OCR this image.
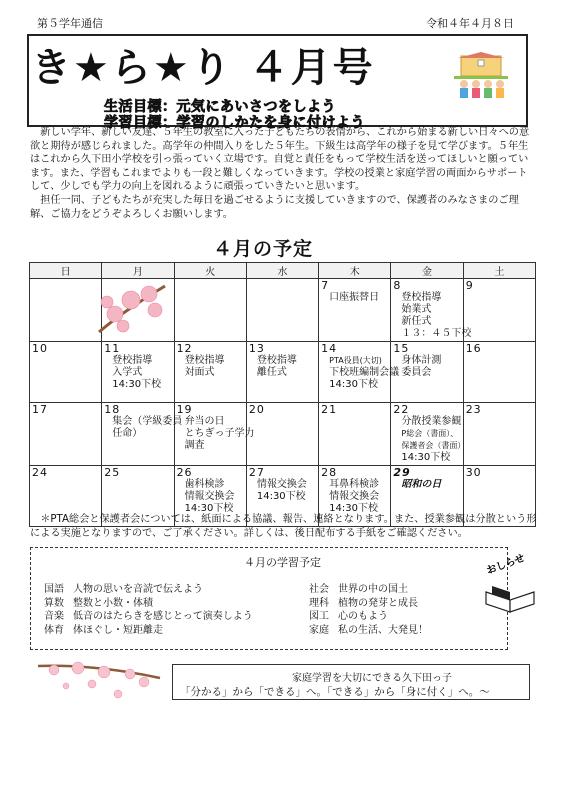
第５学年通信	令和４年４月８日
き★ら★り ４月号
生活目標：元気にあいさつをしよう
学習目標：学習のしかたを身に付けよう

新しい学年、新しい友達、５年生の教室に入った子どもたちの表情から、これから始まる新しい日々への意欲と期待が感じられました。高学年の仲間入りをした５年生。下級生は高学年の様子を見て学びます。５年生はこれから久下田小学校を引っ張っていく立場です。自覚と責任をもって学校生活を送ってほしいと願っています。また、学習もこれまでよりも一段と難しくなっていきます。学校の授業と家庭学習の両面からサポートして、少しでも学力の向上を図れるように頑張っていきたいと思います。

担任一同、子どもたちが充実した毎日を過ごせるように支援していきますので、保護者のみなさまのご理解、ご協力をどうぞよろしくお願いします。

４月の予定
日	月	火	水	木	金	土

				7
口座振替日	8
登校指導
始業式
新任式
１３：４５下校	9

10	11
登校指導
入学式
14:30下校	12
登校指導
対面式	13
登校指導
離任式	14
PTA役員(大切)
下校班編制会議
14:30下校	15
身体計測
委員会	16

17	18
集会（学級委員
任命）	19
弁当の日
とちぎっ子学力
調査	20	21	22
分散授業参観
P総会（書面）、
保護者会（書面）
14:30下校	23

24	25	26
歯科検診
情報交換会
14:30下校	27
情報交換会
14:30下校	28
耳鼻科検診
情報交換会
14:30下校	29
昭和の日	30
＊PTA総会と保護者会については、紙面による協議、報告、連絡となります。また、授業参観は分散という形による実施となりますので、ご了承ください。詳しくは、後日配布する手紙をご確認ください。
４月の学習予定
国語 人物の思いを音読で伝えよう
算数 整数と小数・体積
音楽 低音のはたらきを感じとって演奏しよう
体育 体ほぐし・短距離走
社会 世界の中の国土
理科 植物の発芽と成長
図工 心のもよう
家庭 私の生活、大発見！
おしらせ
家庭学習を大切にできる久下田っ子
「分かる」から「できる」へ。「できる」から「身に付く」へ。～
